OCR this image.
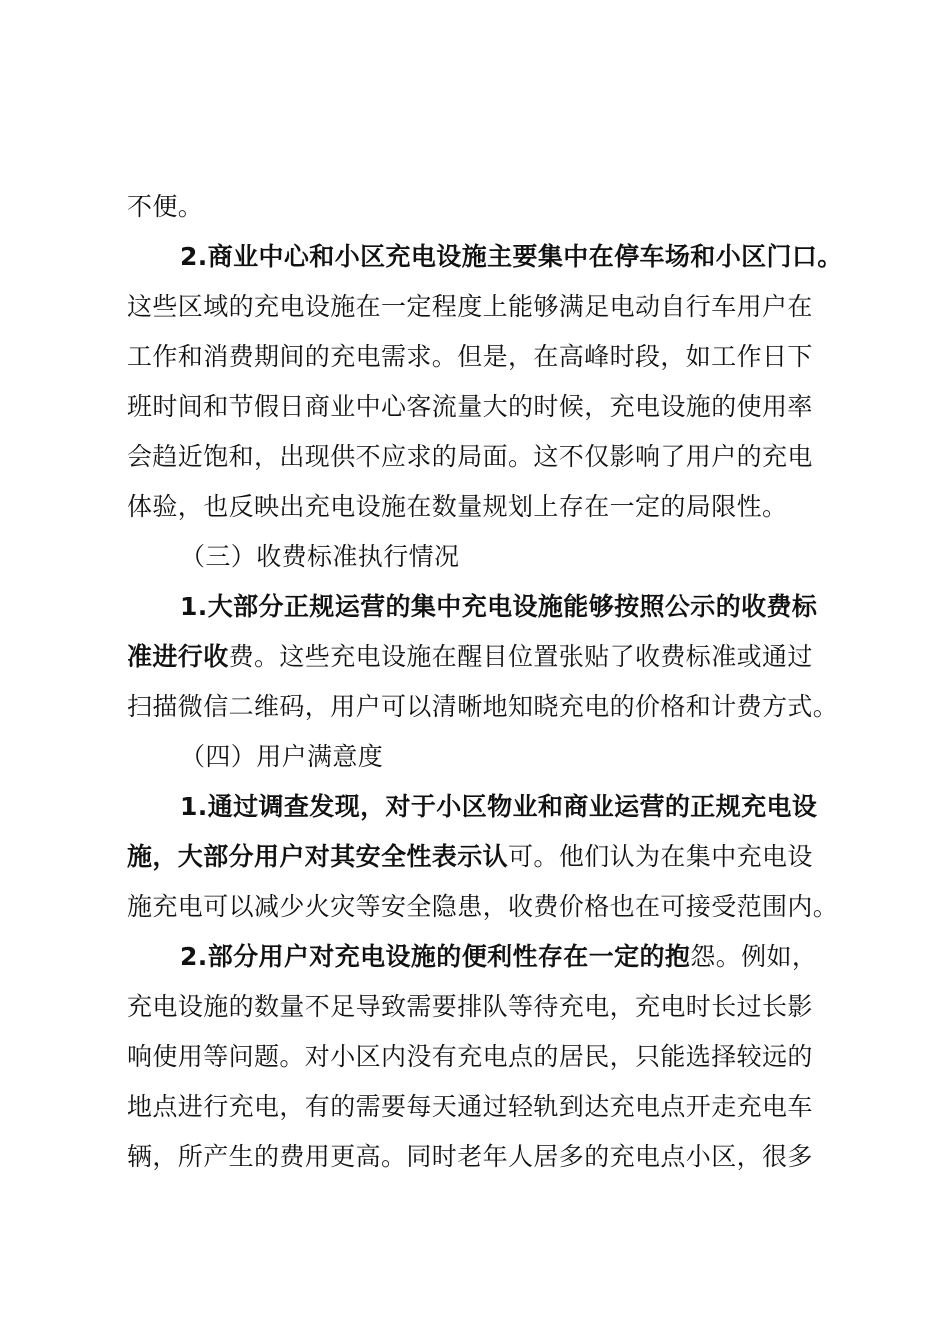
不便。
2.商业中心和小区充电设施主要集中在停车场和小区门口。
这些区域的充电设施在一定程度上能够满足电动自行车用户在
工作和消费期间的充电需求。但是，在高峰时段，如工作日下
班时间和节假日商业中心客流量大的时候，充电设施的使用率
会趋近饱和，出现供不应求的局面。这不仅影响了用户的充电
体验，也反映出充电设施在数量规划上存在一定的局限性。
（三）收费标准执行情况
1.大部分正规运营的集中充电设施能够按照公示的收费标
准进行收费。这些充电设施在醒目位置张贴了收费标准或通过
扫描微信二维码，用户可以清晰地知晓充电的价格和计费方式。
（四）用户满意度
1.通过调查发现，对于小区物业和商业运营的正规充电设
施，大部分用户对其安全性表示认可。他们认为在集中充电设
施充电可以减少火灾等安全隐患，收费价格也在可接受范围内。
2.部分用户对充电设施的便利性存在一定的抱怨。例如，
充电设施的数量不足导致需要排队等待充电，充电时长过长影
响使用等问题。对小区内没有充电点的居民，只能选择较远的
地点进行充电，有的需要每天通过轻轨到达充电点开走充电车
辆，所产生的费用更高。同时老年人居多的充电点小区，很多
